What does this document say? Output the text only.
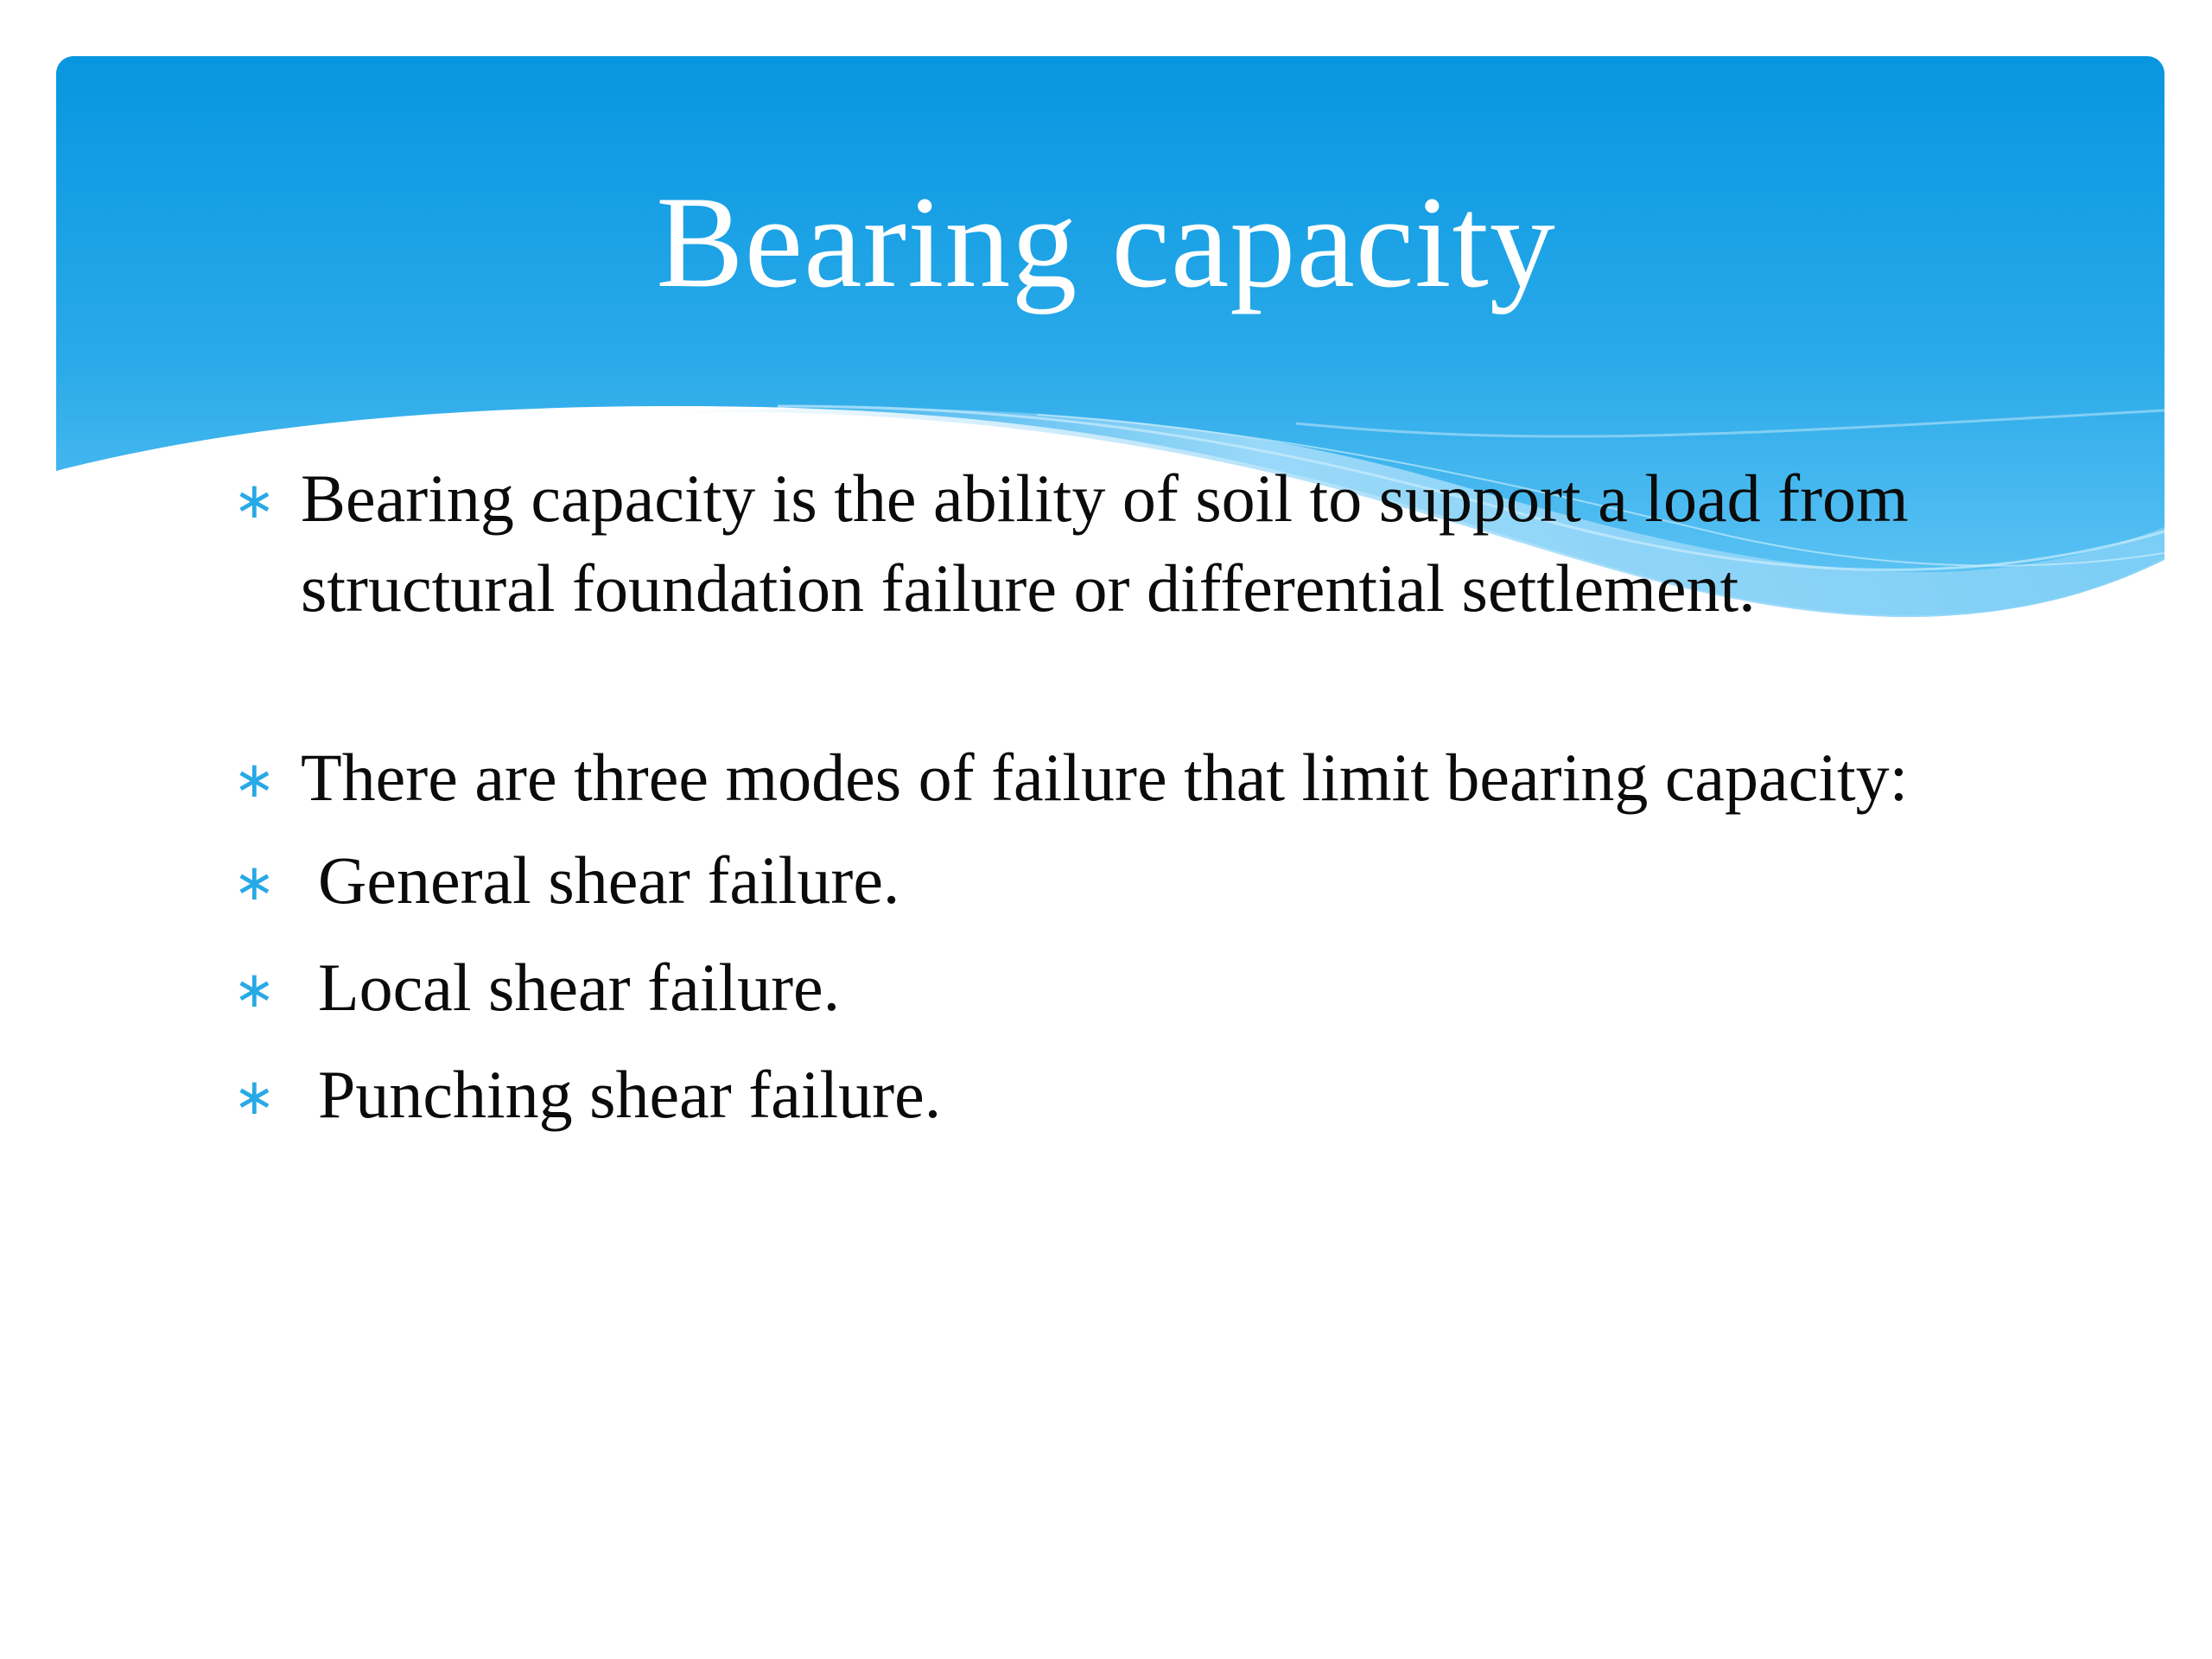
Bearing capacity
∗ Bearing capacity is the ability of soil to support a load from structural foundation failure or differential settlement.
∗ There are three modes of failure that limit bearing capacity:
∗ General shear failure.
∗ Local shear failure.
∗ Punching shear failure.
